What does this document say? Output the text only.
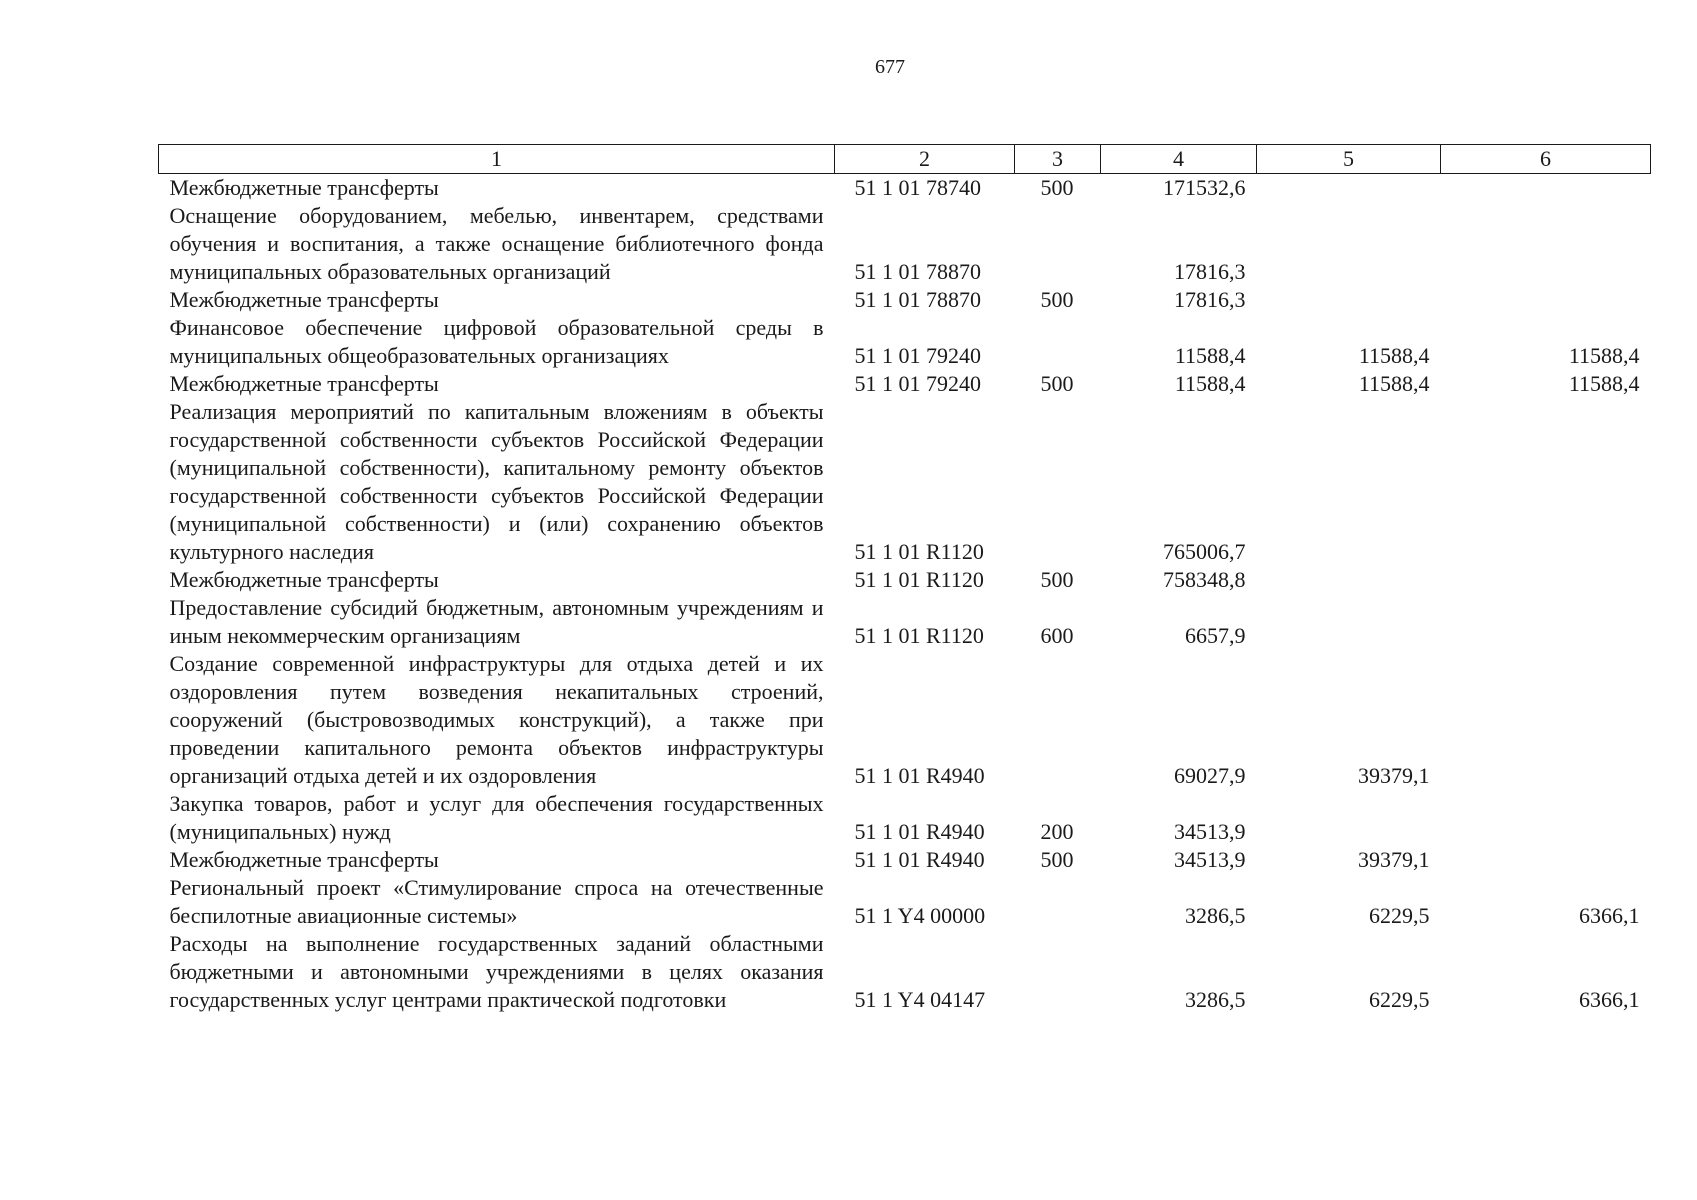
677
1	2	3	4	5	6
Межбюджетные трансферты	51 1 01 78740	500	171532,6		
Оснащение оборудованием, мебелью, инвентарем, средствами обучения и воспитания, а также оснащение библиотечного фонда муниципальных образовательных организаций	51 1 01 78870		17816,3		
Межбюджетные трансферты	51 1 01 78870	500	17816,3		
Финансовое обеспечение цифровой образовательной среды в муниципальных общеобразовательных организациях	51 1 01 79240		11588,4	11588,4	11588,4
Межбюджетные трансферты	51 1 01 79240	500	11588,4	11588,4	11588,4
Реализация мероприятий по капитальным вложениям в объекты государственной собственности субъектов Российской Федерации (муниципальной собственности), капитальному ремонту объектов государственной собственности субъектов Российской Федерации (муниципальной собственности) и (или) сохранению объектов культурного наследия	51 1 01 R1120		765006,7		
Межбюджетные трансферты	51 1 01 R1120	500	758348,8		
Предоставление субсидий бюджетным, автономным учреждениям и иным некоммерческим организациям	51 1 01 R1120	600	6657,9		
Создание современной инфраструктуры для отдыха детей и их оздоровления путем возведения некапитальных строений, сооружений (быстровозводимых конструкций), а также при проведении капитального ремонта объектов инфраструктуры организаций отдыха детей и их оздоровления	51 1 01 R4940		69027,9	39379,1	
Закупка товаров, работ и услуг для обеспечения государственных (муниципальных) нужд	51 1 01 R4940	200	34513,9		
Межбюджетные трансферты	51 1 01 R4940	500	34513,9	39379,1	
Региональный проект «Стимулирование спроса на отечественные беспилотные авиационные системы»	51 1 Y4 00000		3286,5	6229,5	6366,1
Расходы на выполнение государственных заданий областными бюджетными и автономными учреждениями в целях оказания государственных услуг центрами практической подготовки	51 1 Y4 04147		3286,5	6229,5	6366,1
